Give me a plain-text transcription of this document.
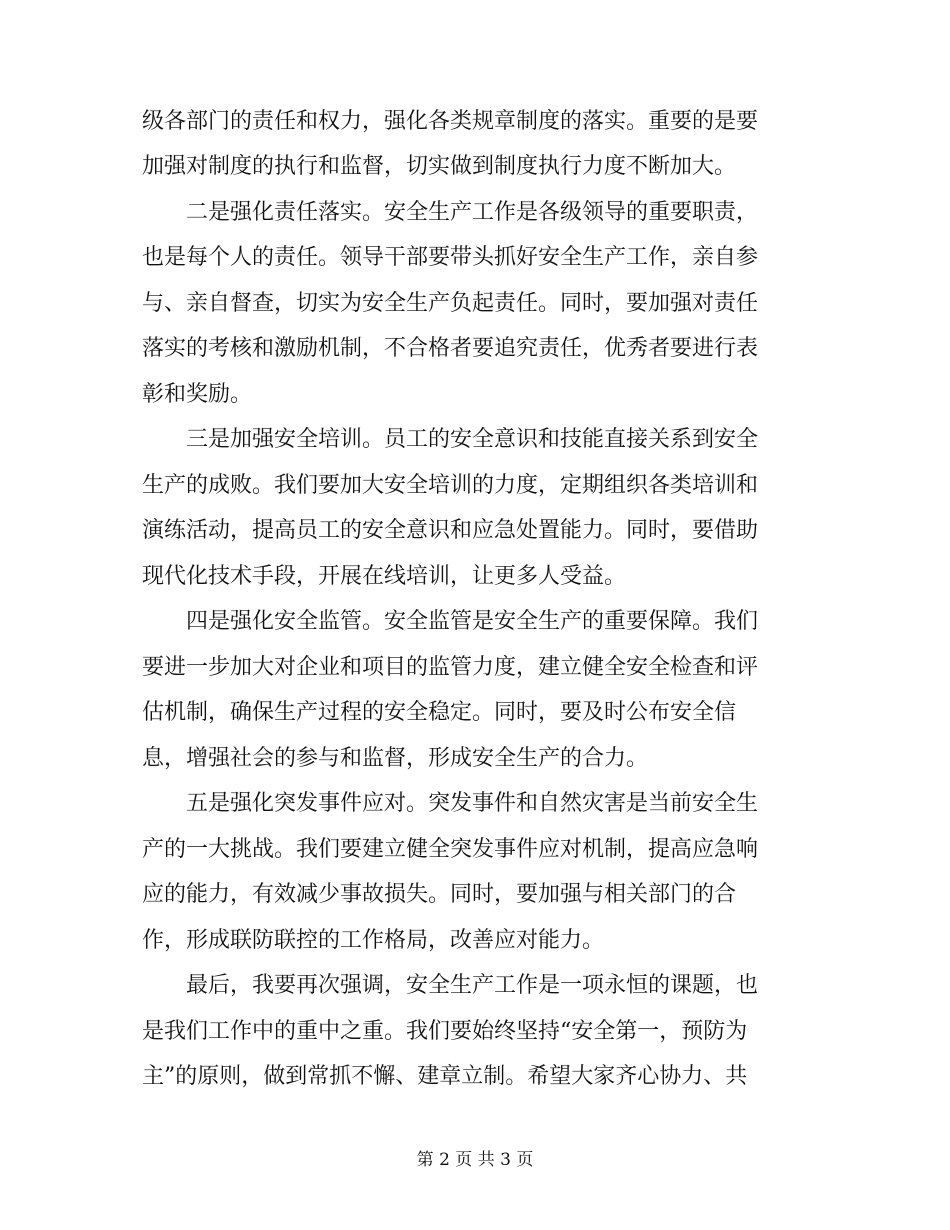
级各部门的责任和权力，强化各类规章制度的落实。重要的是要
加强对制度的执行和监督，切实做到制度执行力度不断加大。
二是强化责任落实。安全生产工作是各级领导的重要职责，
也是每个人的责任。领导干部要带头抓好安全生产工作，亲自参
与、亲自督查，切实为安全生产负起责任。同时，要加强对责任
落实的考核和激励机制，不合格者要追究责任，优秀者要进行表
彰和奖励。
三是加强安全培训。员工的安全意识和技能直接关系到安全
生产的成败。我们要加大安全培训的力度，定期组织各类培训和
演练活动，提高员工的安全意识和应急处置能力。同时，要借助
现代化技术手段，开展在线培训，让更多人受益。
四是强化安全监管。安全监管是安全生产的重要保障。我们
要进一步加大对企业和项目的监管力度，建立健全安全检查和评
估机制，确保生产过程的安全稳定。同时，要及时公布安全信
息，增强社会的参与和监督，形成安全生产的合力。
五是强化突发事件应对。突发事件和自然灾害是当前安全生
产的一大挑战。我们要建立健全突发事件应对机制，提高应急响
应的能力，有效减少事故损失。同时，要加强与相关部门的合
作，形成联防联控的工作格局，改善应对能力。
最后，我要再次强调，安全生产工作是一项永恒的课题，也
是我们工作中的重中之重。我们要始终坚持“安全第一，预防为
主”的原则，做到常抓不懈、建章立制。希望大家齐心协力、共
第 2 页 共 3 页
